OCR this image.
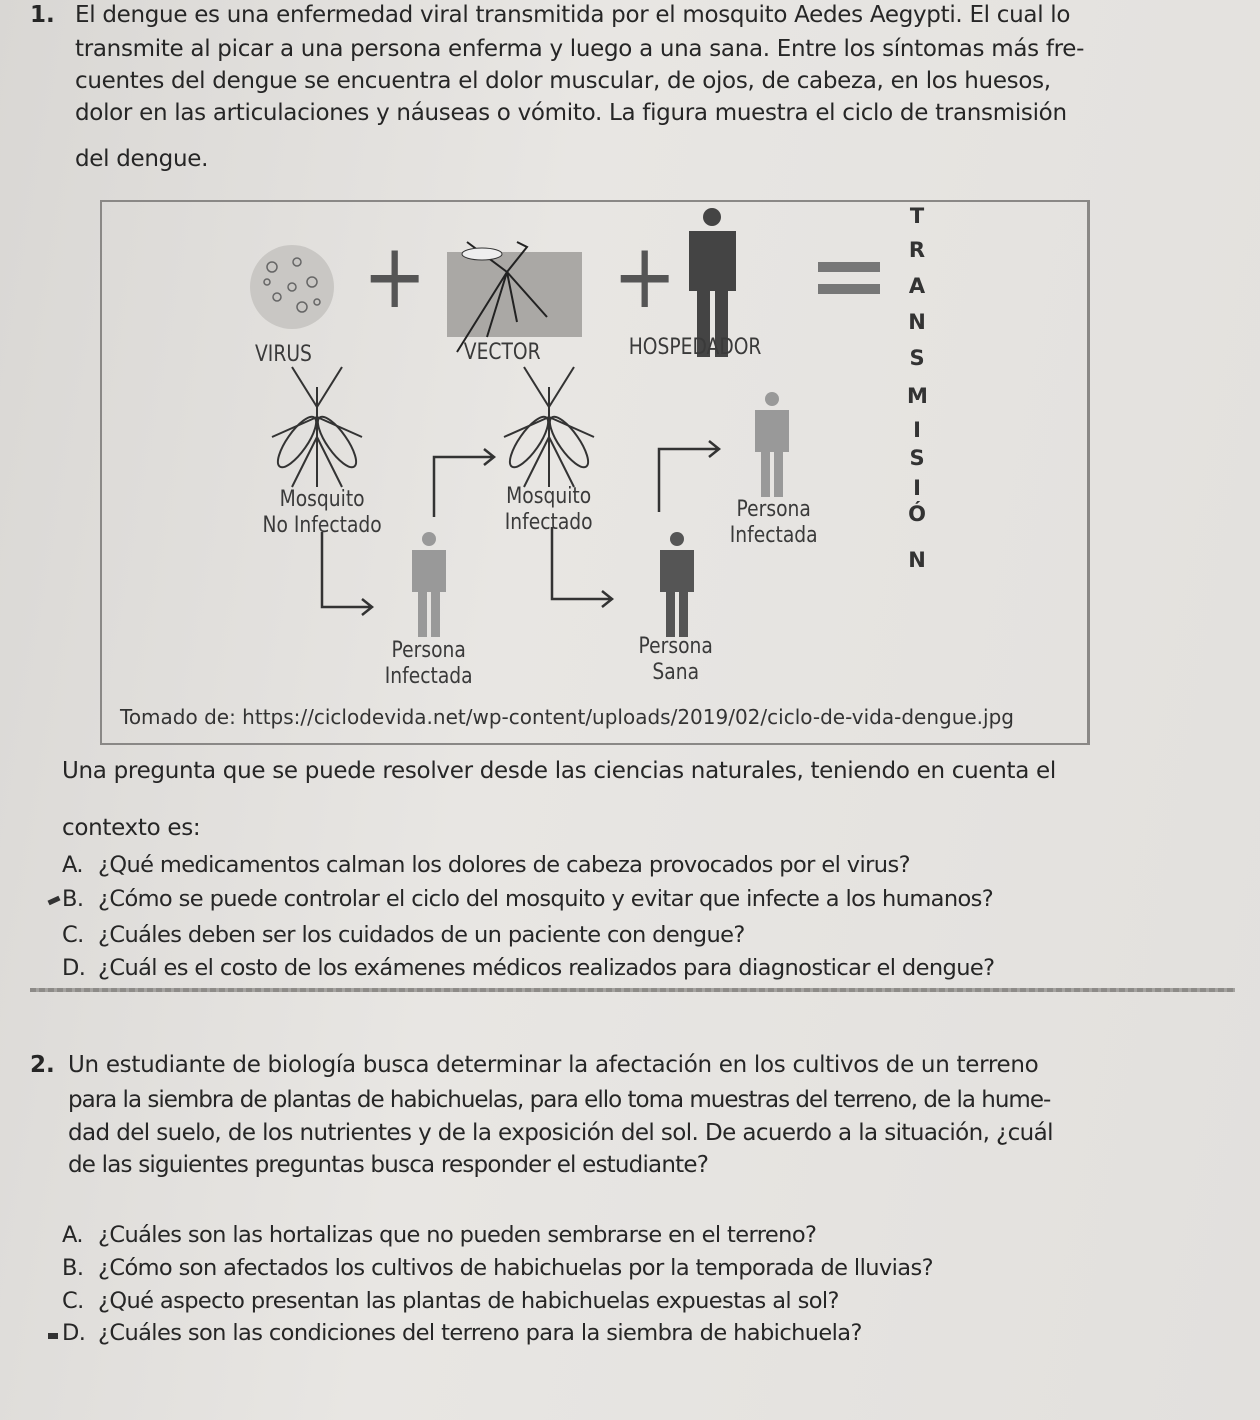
1. El dengue es una enfermedad viral transmitida por el mosquito Aedes Aegypti. El cual lo
transmite al picar a una persona enferma y luego a una sana. Entre los síntomas más fre-
cuentes del dengue se encuentra el dolor muscular, de ojos, de cabeza, en los huesos,
dolor en las articulaciones y náuseas o vómito. La figura muestra el ciclo de transmisión
del dengue.
+ +
VIRUS	VECTOR	HOSPEDADOR
Mosquito
No Infectado
Mosquito
Infectado
Persona
Infectada
Persona
Sana
Persona
Infectada
T
R
A
N
S
M
I
S
I
Ó
N
Tomado de: https://ciclodevida.net/wp-content/uploads/2019/02/ciclo-de-vida-dengue.jpg
Una pregunta que se puede resolver desde las ciencias naturales, teniendo en cuenta el
contexto es:
A. ¿Qué medicamentos calman los dolores de cabeza provocados por el virus?
B. ¿Cómo se puede controlar el ciclo del mosquito y evitar que infecte a los humanos?
C. ¿Cuáles deben ser los cuidados de un paciente con dengue?
D. ¿Cuál es el costo de los exámenes médicos realizados para diagnosticar el dengue?
2. Un estudiante de biología busca determinar la afectación en los cultivos de un terreno
para la siembra de plantas de habichuelas, para ello toma muestras del terreno, de la hume-
dad del suelo, de los nutrientes y de la exposición del sol. De acuerdo a la situación, ¿cuál
de las siguientes preguntas busca responder el estudiante?
A. ¿Cuáles son las hortalizas que no pueden sembrarse en el terreno?
B. ¿Cómo son afectados los cultivos de habichuelas por la temporada de lluvias?
C. ¿Qué aspecto presentan las plantas de habichuelas expuestas al sol?
D. ¿Cuáles son las condiciones del terreno para la siembra de habichuela?
